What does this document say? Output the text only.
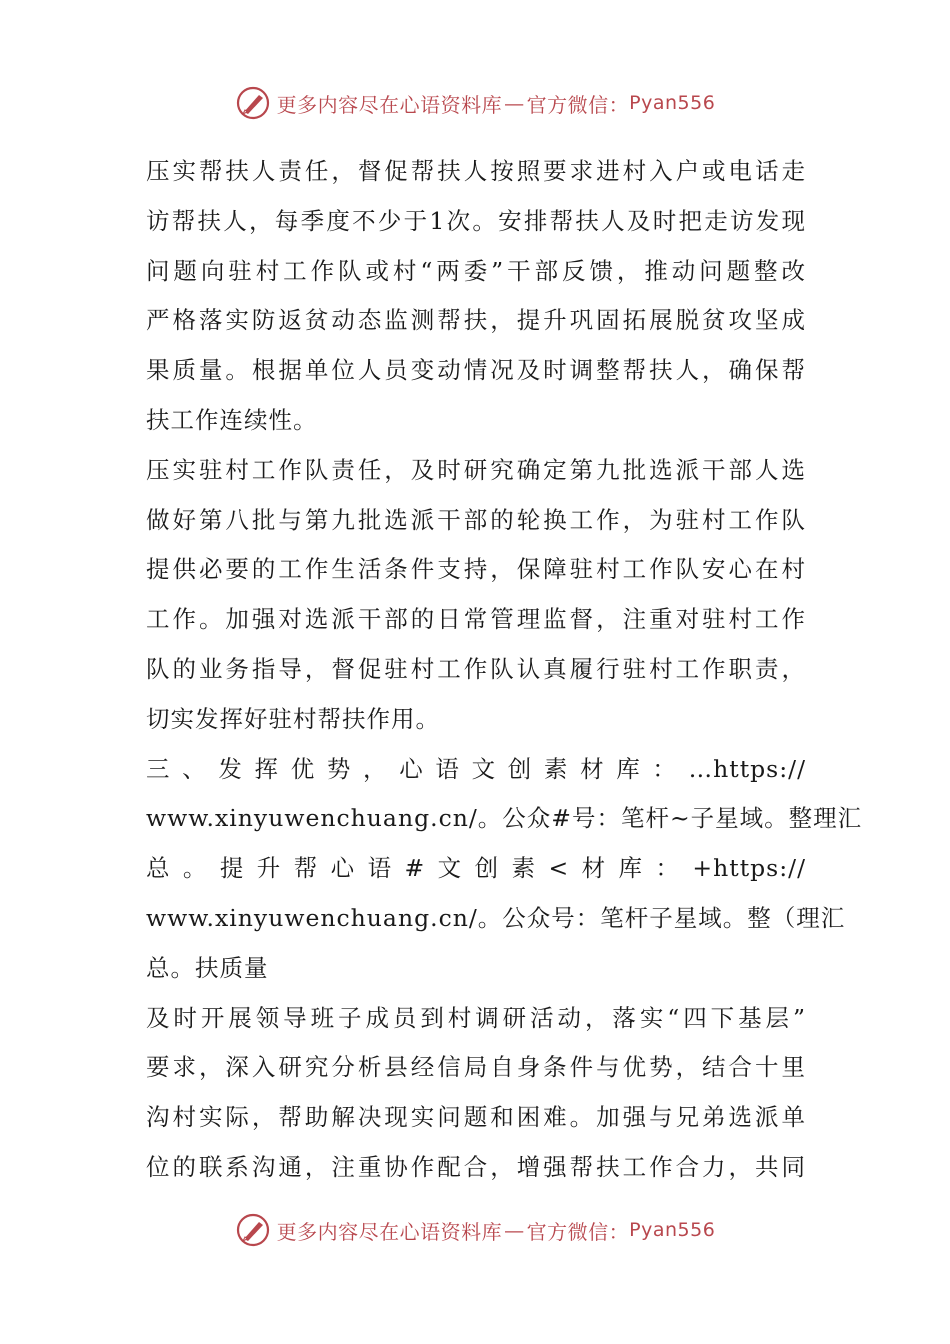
更多内容尽在心语资料库 — 官方微信： Pyan556
压实帮扶人责任，督促帮扶人按照要求进村入户或电话走
访帮扶人，每季度不少于1次。安排帮扶人及时把走访发现
问题向驻村工作队或村“两委”干部反馈，推动问题整改
严格落实防返贫动态监测帮扶，提升巩固拓展脱贫攻坚成
果质量。根据单位人员变动情况及时调整帮扶人，确保帮
扶工作连续性。
压实驻村工作队责任，及时研究确定第九批选派干部人选
做好第八批与第九批选派干部的轮换工作，为驻村工作队
提供必要的工作生活条件支持，保障驻村工作队安心在村
工作。加强对选派干部的日常管理监督，注重对驻村工作
队的业务指导，督促驻村工作队认真履行驻村工作职责，
切实发挥好驻村帮扶作用。
三、发挥优势，心语文创素材库：…https://
www.xinyuwenchuang.cn/。公众#号：笔杆~子星域。整理汇
总。提升帮心语#文创素<材库：+https://
www.xinyuwenchuang.cn/。公众号：笔杆子星域。整（理汇
总。扶质量
及时开展领导班子成员到村调研活动，落实“四下基层”
要求，深入研究分析县经信局自身条件与优势，结合十里
沟村实际，帮助解决现实问题和困难。加强与兄弟选派单
位的联系沟通，注重协作配合，增强帮扶工作合力，共同
更多内容尽在心语资料库 — 官方微信： Pyan556
